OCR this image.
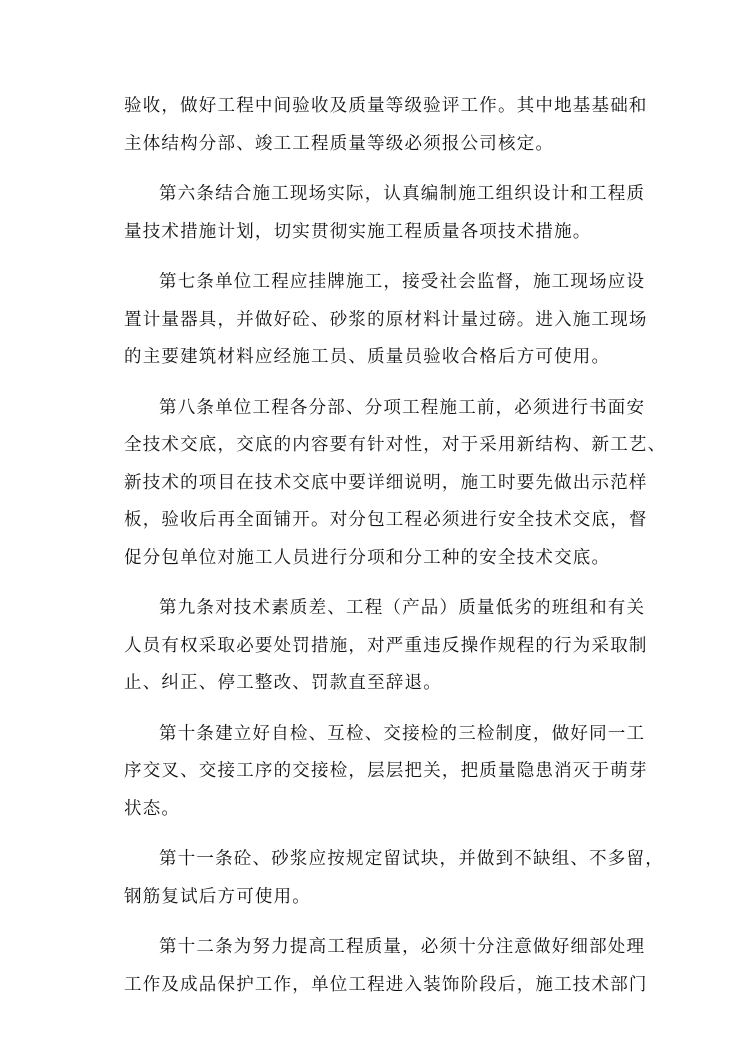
验收，做好工程中间验收及质量等级验评工作。其中地基基础和
主体结构分部、竣工工程质量等级必须报公司核定。

第六条结合施工现场实际，认真编制施工组织设计和工程质
量技术措施计划，切实贯彻实施工程质量各项技术措施。

第七条单位工程应挂牌施工，接受社会监督，施工现场应设
置计量器具，并做好砼、砂浆的原材料计量过磅。进入施工现场
的主要建筑材料应经施工员、质量员验收合格后方可使用。

第八条单位工程各分部、分项工程施工前，必须进行书面安
全技术交底，交底的内容要有针对性，对于采用新结构、新工艺、
新技术的项目在技术交底中要详细说明，施工时要先做出示范样
板，验收后再全面铺开。对分包工程必须进行安全技术交底，督
促分包单位对施工人员进行分项和分工种的安全技术交底。

第九条对技术素质差、工程（产品）质量低劣的班组和有关
人员有权采取必要处罚措施，对严重违反操作规程的行为采取制
止、纠正、停工整改、罚款直至辞退。

第十条建立好自检、互检、交接检的三检制度，做好同一工
序交叉、交接工序的交接检，层层把关，把质量隐患消灭于萌芽
状态。

第十一条砼、砂浆应按规定留试块，并做到不缺组、不多留，
钢筋复试后方可使用。

第十二条为努力提高工程质量，必须十分注意做好细部处理
工作及成品保护工作，单位工程进入装饰阶段后，施工技术部门
